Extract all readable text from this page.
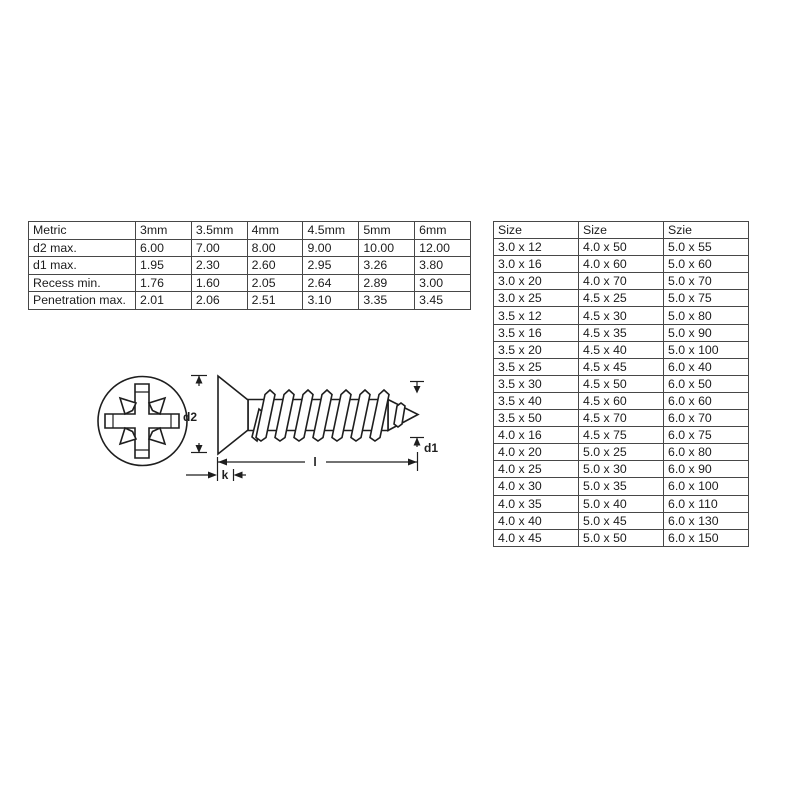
Metric	3mm	3.5mm	4mm	4.5mm	5mm	6mm
d2 max.	6.00	7.00	8.00	9.00	10.00	12.00
d1 max.	1.95	2.30	2.60	2.95	3.26	3.80
Recess min.	1.76	1.60	2.05	2.64	2.89	3.00
Penetration max.	2.01	2.06	2.51	3.10	3.35	3.45
Size	Size	Szie
3.0 x 12	4.0 x 50	5.0 x 55
3.0 x 16	4.0 x 60	5.0 x 60
3.0 x 20	4.0 x 70	5.0 x 70
3.0 x 25	4.5 x 25	5.0 x 75
3.5 x 12	4.5 x 30	5.0 x 80
3.5 x 16	4.5 x 35	5.0 x 90
3.5 x 20	4.5 x 40	5.0 x 100
3.5 x 25	4.5 x 45	6.0 x 40
3.5 x 30	4.5 x 50	6.0 x 50
3.5 x 40	4.5 x 60	6.0 x 60
3.5 x 50	4.5 x 70	6.0 x 70
4.0 x 16	4.5 x 75	6.0 x 75
4.0 x 20	5.0 x 25	6.0 x 80
4.0 x 25	5.0 x 30	6.0 x 90
4.0 x 30	5.0 x 35	6.0 x 100
4.0 x 35	5.0 x 40	6.0 x 110
4.0 x 40	5.0 x 45	6.0 x 130
4.0 x 45	5.0 x 50	6.0 x 150
d2
d1
l
k
